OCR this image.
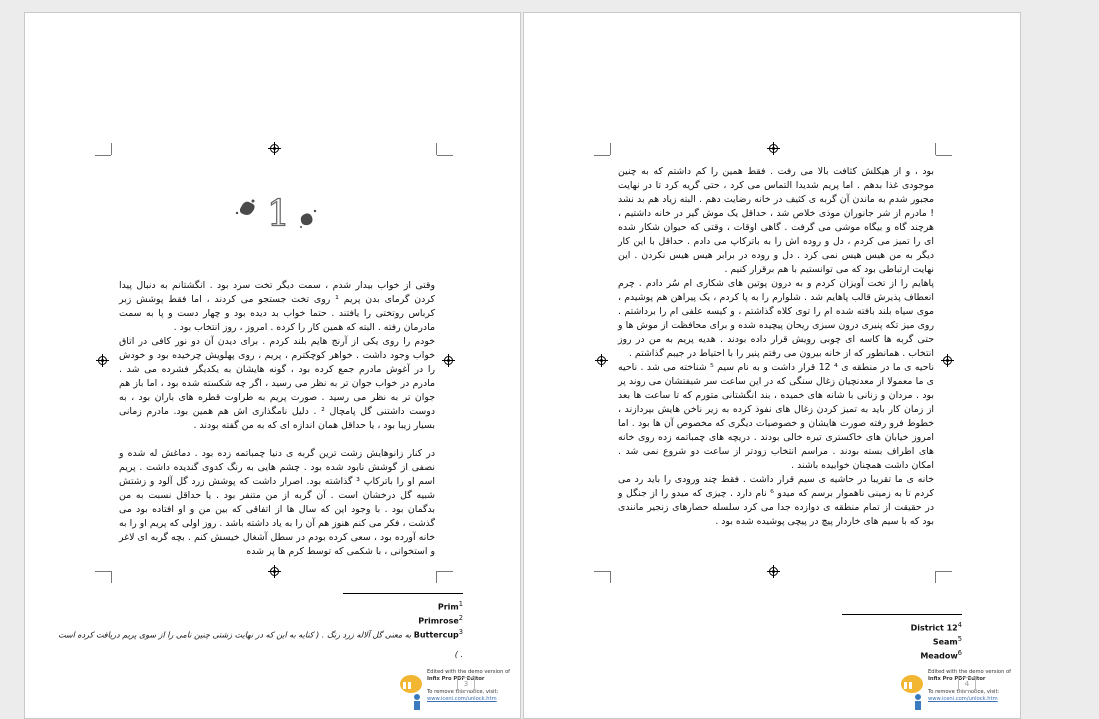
1

وقتی از خواب بیدار شدم ، سمت دیگر تخت سرد بود . انگشتانم به دنبال پیدا کردن گرمای بدن پریم ¹ روی تخت جستجو می کردند ، اما فقط پوشش زبر کرباس روتختی را یافتند . حتما خواب بد دیده بود و چهار دست و پا به سمت مادرمان رفته . البته که همین کار را کرده . امروز ، روز انتخاب بود .

خودم را روی یکی از آرنج هایم بلند کردم . برای دیدن آن دو نور کافی در اتاق خواب وجود داشت . خواهر کوچکترم ، پریم ، روی پهلویش چرخیده بود و خودش را در آغوش مادرم جمع کرده بود ، گونه هایشان به یکدیگر فشرده می شد . مادرم در خواب جوان تر به نظر می رسید ، اگر چه شکسته شده بود ، اما باز هم جوان تر به نظر می رسید . صورت پریم به طراوت قطره های باران بود ، به دوست داشتنی گل پامچال ² . دلیل نامگذاری اش هم همین بود. مادرم زمانی بسیار زیبا بود ، یا حداقل همان اندازه ای که به من گفته بودند .

در کنار زانوهایش زشت ترین گربه ی دنیا چمباتمه زده بود . دماغش له شده و نصفی از گوشش نابود شده بود . چشم هایی به رنگ کدوی گندیده داشت . پریم اسم او را باترکاپ ³ گذاشته بود. اصرار داشت که پوشش زرد گل آلود و زشتش شبیه گل درخشان است . آن گربه از من متنفر بود . یا حداقل نسبت به من بدگمان بود . با وجود این که سال ها از اتفاقی که بین من و او افتاده بود می گذشت ، فکر می کنم هنوز هم آن را به یاد داشته باشد . روز اولی که پریم او را به خانه آورده بود ، سعی کرده بودم در سطل آشغال خیسش کنم . بچه گربه ای لاغر و استخوانی ، با شکمی که توسط کرم ها پر شده

Prim$^1$
Primrose$^2$
Buttercup$^3$ به معنی گل آلاله زرد رنگ . ( کنایه به این که در نهایت زشتی چنین نامی را از سوی پریم دریافت کرده است
. )
Edited with the demo version of
Infix Pro PDF Editor
To remove this notice, visit:
www.iceni.com/unlock.htm
3

بود ، و از هیکلش کثافت بالا می رفت . فقط همین را کم داشتم که به چنین موجودی غذا بدهم . اما پریم شدیدا التماس می کرد ، حتی گریه کرد تا در نهایت مجبور شدم به ماندن آن گربه ی کثیف در خانه رضایت دهم . البته زیاد هم بد نشد ! مادرم از شر جانوران موذی خلاص شد ، حداقل یک موش گیر در خانه داشتیم ، هرچند گاه و بیگاه موشی می گرفت . گاهی اوقات ، وقتی که حیوان شکار شده ای را تمیز می کردم ، دل و روده اش را به باترکاپ می دادم . حداقل با این کار دیگر به من هیس هیس نمی کرد . دل و روده در برابر هیس هیس نکردن . این نهایت ارتباطی بود که می توانستیم با هم برقرار کنیم .

پاهایم را از تخت آویزان کردم و به درون پوتین های شکاری ام سُر دادم . چرم انعطاف پذیرش قالب پاهایم شد . شلوارم را به پا کردم ، یک پیراهن هم پوشیدم ، موی سیاه بلند بافته شده ام را توی کلاه گذاشتم ، و کیسه علفی ام را برداشتم . روی میز تکه پنیری درون سبزی ریحان پیچیده شده و برای محافظت از موش ها و حتی گربه ها کاسه ای چوبی رویش قرار داده بودند . هدیه پریم به من در روز انتخاب . همانطور که از خانه بیرون می رفتم پنیر را با احتیاط در جیبم گذاشتم .

ناحیه ی ما در منطقه ی ⁴ 12 قرار داشت و به نام سیم ⁵ شناخته می شد . ناحیه ی ما معمولا از معدنچیان زغال سنگی که در این ساعت سر شیفتشان می روند پر بود . مردان و زنانی با شانه های خمیده ، بند انگشتانی متورم که تا ساعت ها بعد از زمان کار باید به تمیز کردن زغال های نفوذ کرده به زیر ناخن هایش بپردازند ، خطوط فرو رفته صورت هایشان و خصوصیات دیگری که مخصوص آن ها بود . اما امروز خیابان های خاکستری تیره خالی بودند . دریچه های چمباتمه زده روی خانه های اطراف بسته بودند . مراسم انتخاب زودتر از ساعت دو شروع نمی شد . امکان داشت همچنان خوابیده باشند .

خانه ی ما تقریبا در حاشیه ی سیم قرار داشت . فقط چند ورودی را باید رد می کردم تا به زمینی ناهموار برسم که میدو ⁶ نام دارد . چیزی که میدو را از جنگل و در حقیقت از تمام منطقه ی دوازده جدا می کرد سلسله حصارهای زنجیر مانندی بود که با سیم های خاردار پیچ در پیچی پوشیده شده بود .

District $12^4$
Seam$^5$
Meadow$^6$
Edited with the demo version of
Infix Pro PDF Editor
To remove this notice, visit:
www.iceni.com/unlock.htm
4
